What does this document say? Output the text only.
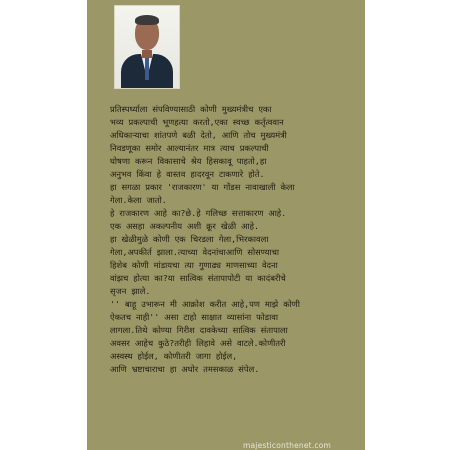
प्रतिस्पर्ध्याला संपविण्यासाठी कोणी मुख्यमंत्रीच एका
भव्य प्रकल्पाची भूणहत्या करतो,एका स्वच्छ कर्तृत्ववान
अधिकाऱ्याचा शांतपणे बळी देतो, आणि तोच मुख्यमंत्री
निवडणूका समोर आल्यानंतर मात्र त्याच प्रकल्पाची
घोषणा करून विकासाचे श्रेय हिसकावू पाहतो,हा
अनुभव किंवा हे वास्तव हादरवून टाकणारे होते.
हा सगळा प्रकार 'राजकारण' या गोंडस नावाखाली केला
गेला.केला जातो.
हे राजकारण आहे का?छे.हे गलिच्छ सत्ताकारण आहे.
एक असहा अकल्पनीय अशी क्रूर खेळी आहे.
हा खेळीमुळे कोणी एक चिरडला गेला,भिरकावला
गेला,अपकीर्त झाला.त्याच्या वेदनांचाआणि सोसण्याचा
हिशेब कोणी मांडायचा त्या गुणाढ्य माणसाच्या वेदना
वांझच होत्या का?या सात्विक संतापापोटी या कादंबरीचे
सृजन झाले.
'' बाहू उभारून मी आक्रोश करीत आहे,पण माझे कोणी
ऐकतच नाही'' असा टाहो साक्षात व्यासांना फोडावा
लागला.तिथे कोण्या गिरीश दावकेच्या सात्विक संतापाला
अवसर आहेच कुठे?तरीही लिहावे असे वाटले.कोणीतरी
अस्वस्थ होईल, कोणीतरी जागा होईल,
आणि भ्रष्टाचाराचा हा अघोर तमसकाळ संपेल.
majesticonthenet.com
